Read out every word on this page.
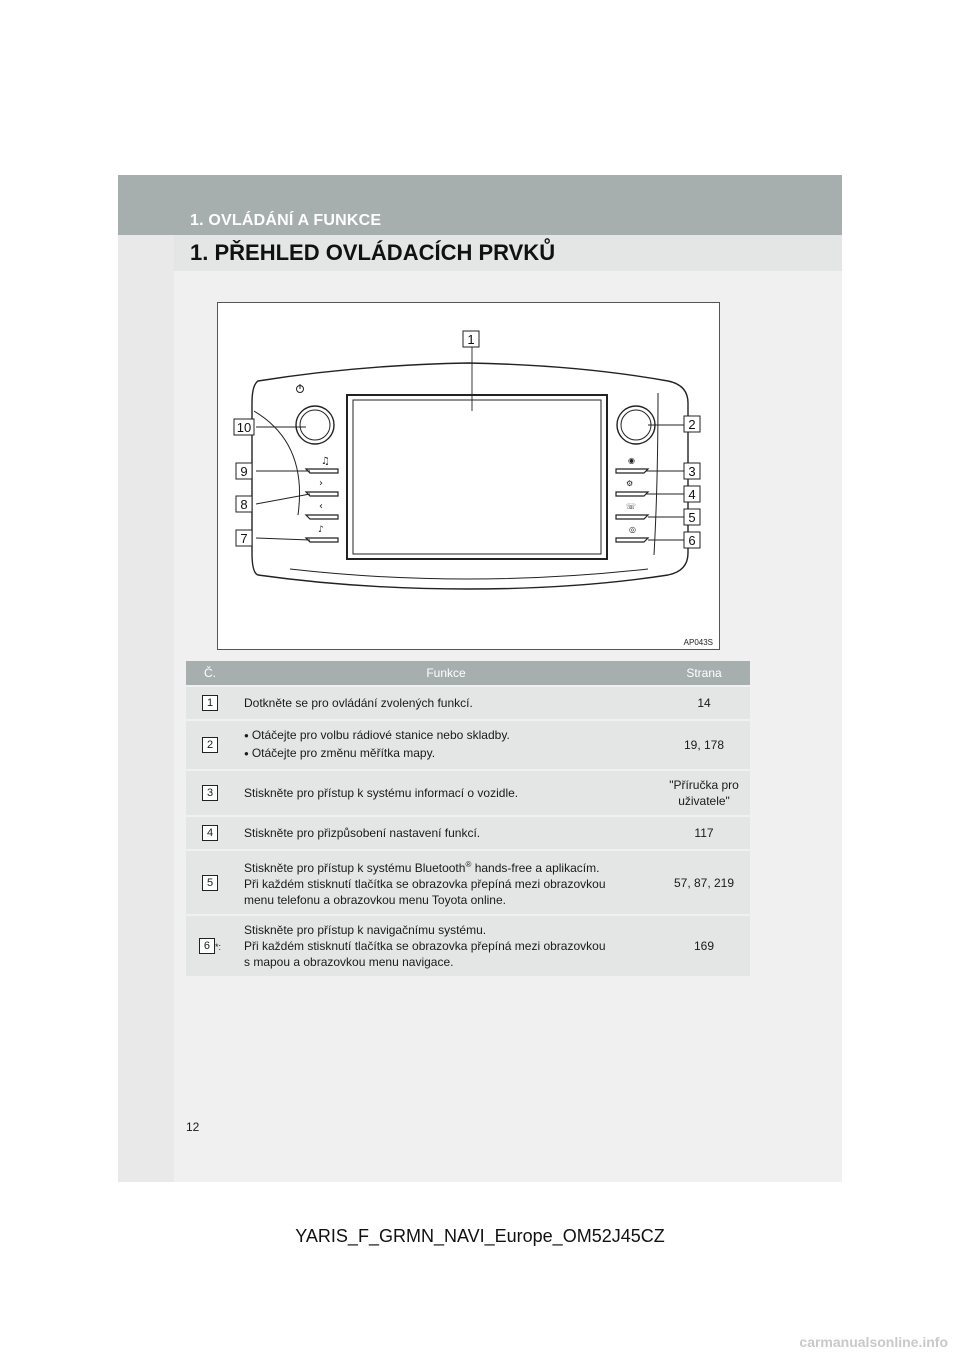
1. OVLÁDÁNÍ A FUNKCE
1. PŘEHLED OVLÁDACÍCH PRVKŮ
♫
›
‹
♪
◉
⚙
☏
◎
1
2
3
4
5
6
7
8
9
10
AP043S
Č.	Funkce	Strana
1	Dotkněte se pro ovládání zvolených funkcí.	14
2	● Otáčejte pro volbu rádiové stanice nebo skladby.
● Otáčejte pro změnu měřítka mapy.	19, 178
3	Stiskněte pro přístup k systému informací o vozidle.	"Příručka pro uživatele"
4	Stiskněte pro přizpůsobení nastavení funkcí.	117
5	Stiskněte pro přístup k systému Bluetooth® hands-free a aplikacím.
Při každém stisknutí tlačítka se obrazovka přepíná mezi obrazovkou
menu telefonu a obrazovkou menu Toyota online.	57, 87, 219
6 *:	Stiskněte pro přístup k navigačnímu systému.
Při každém stisknutí tlačítka se obrazovka přepíná mezi obrazovkou
s mapou a obrazovkou menu navigace.	169
12
YARIS_F_GRMN_NAVI_Europe_OM52J45CZ
carmanualsonline.info
